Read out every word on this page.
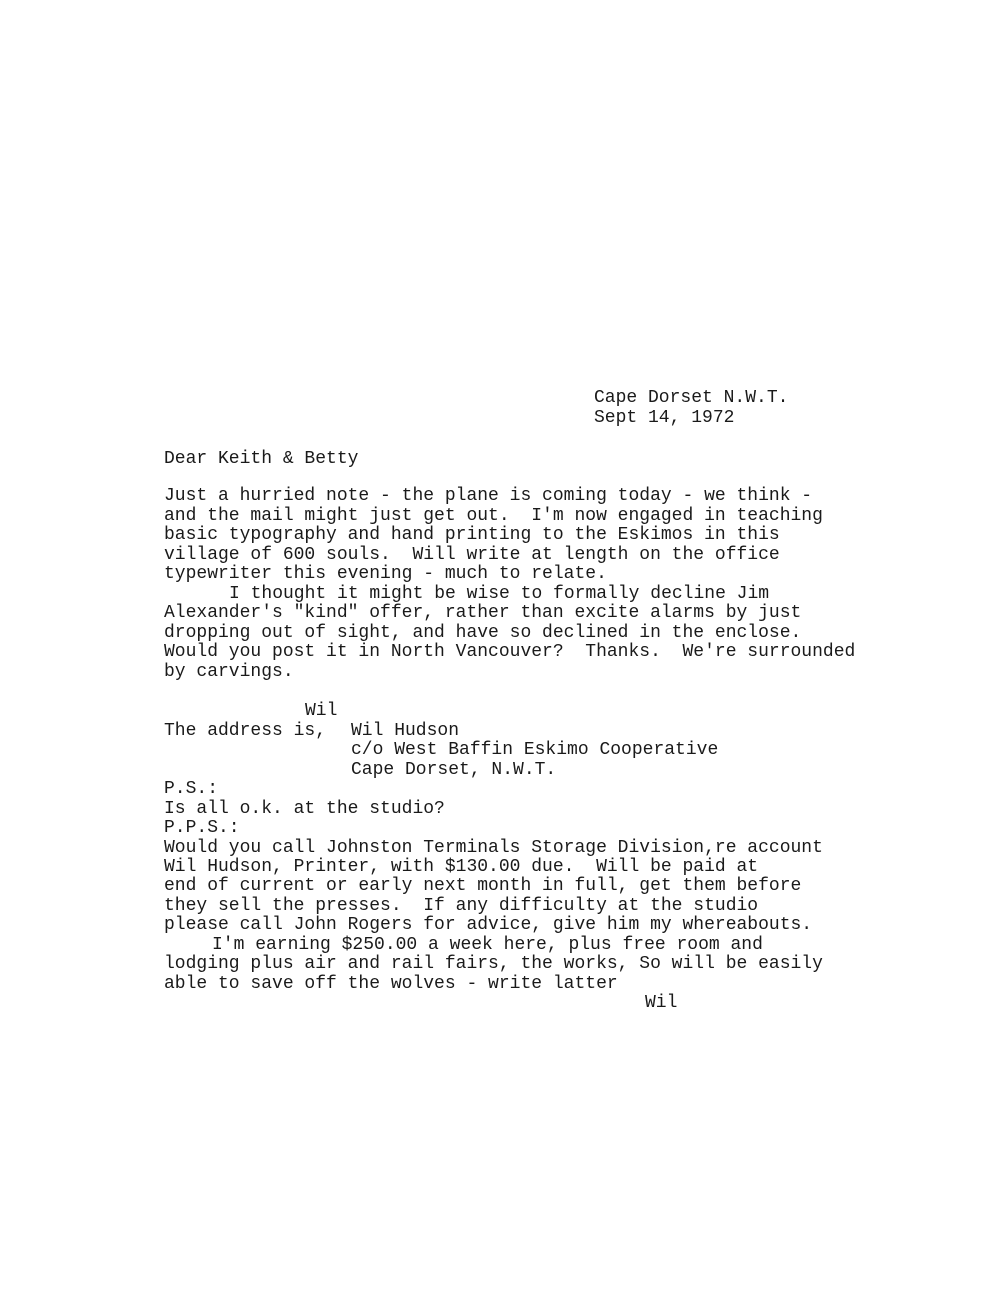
Cape Dorset N.W.T.

Sept 14, 1972

Dear Keith & Betty

Just a hurried note - the plane is coming today - we think -

and the mail might just get out.  I'm now engaged in teaching

basic typography and hand printing to the Eskimos in this

village of 600 souls.  Will write at length on the office

typewriter this evening - much to relate.

I thought it might be wise to formally decline Jim

Alexander's "kind" offer, rather than excite alarms by just

dropping out of sight, and have so declined in the enclose.

Would you post it in North Vancouver?  Thanks.  We're surrounded

by carvings.

Wil

The address is, Wil Hudson

c/o West Baffin Eskimo Cooperative

Cape Dorset, N.W.T.

P.S.:

Is all o.k. at the studio?

P.P.S.:

Would you call Johnston Terminals Storage Division,re account

Wil Hudson, Printer, with $130.00 due.  Will be paid at

end of current or early next month in full, get them before

they sell the presses.  If any difficulty at the studio

please call John Rogers for advice, give him my whereabouts.

I'm earning $250.00 a week here, plus free room and

lodging plus air and rail fairs, the works, So will be easily

able to save off the wolves - write latter

Wil
